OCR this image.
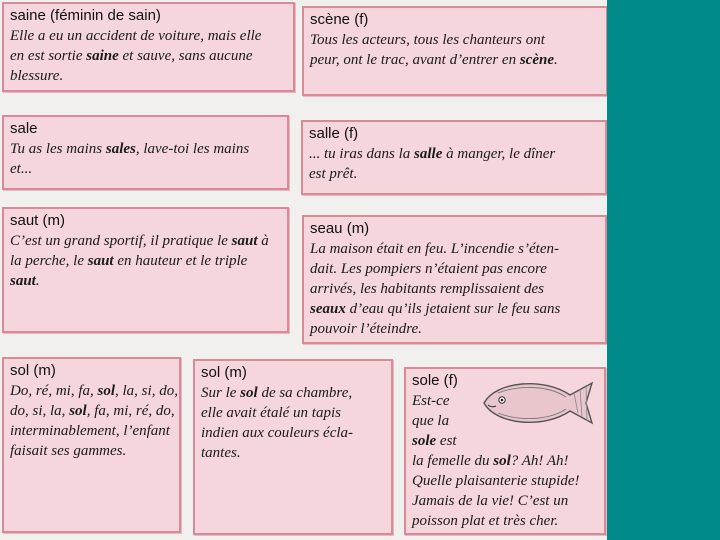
saine (féminin de sain)
Elle a eu un accident de voiture, mais elle
en est sortie saine et sauve, sans aucune
blessure.
scène (f)
Tous les acteurs, tous les chanteurs ont
peur, ont le trac, avant d’entrer en scène.
sale
Tu as les mains sales, lave-toi les mains
et...
salle (f)
... tu iras dans la salle à manger, le dîner
est prêt.
saut (m)
C’est un grand sportif, il pratique le saut à
la perche, le saut en hauteur et le triple
saut.
seau (m)
La maison était en feu. L’incendie s’éten-
dait. Les pompiers n’étaient pas encore
arrivés, les habitants remplissaient des
seaux d’eau qu’ils jetaient sur le feu sans
pouvoir l’éteindre.
sol (m)
Do, ré, mi, fa, sol, la, si, do,
do, si, la, sol, fa, mi, ré, do,
interminablement, l’enfant
faisait ses gammes.
sol (m)
Sur le sol de sa chambre,
elle avait étalé un tapis
indien aux couleurs écla-
tantes.
sole (f)
Est-ce
que la
sole est
la femelle du sol? Ah! Ah!
Quelle plaisanterie stupide!
Jamais de la vie! C’est un
poisson plat et très cher.
